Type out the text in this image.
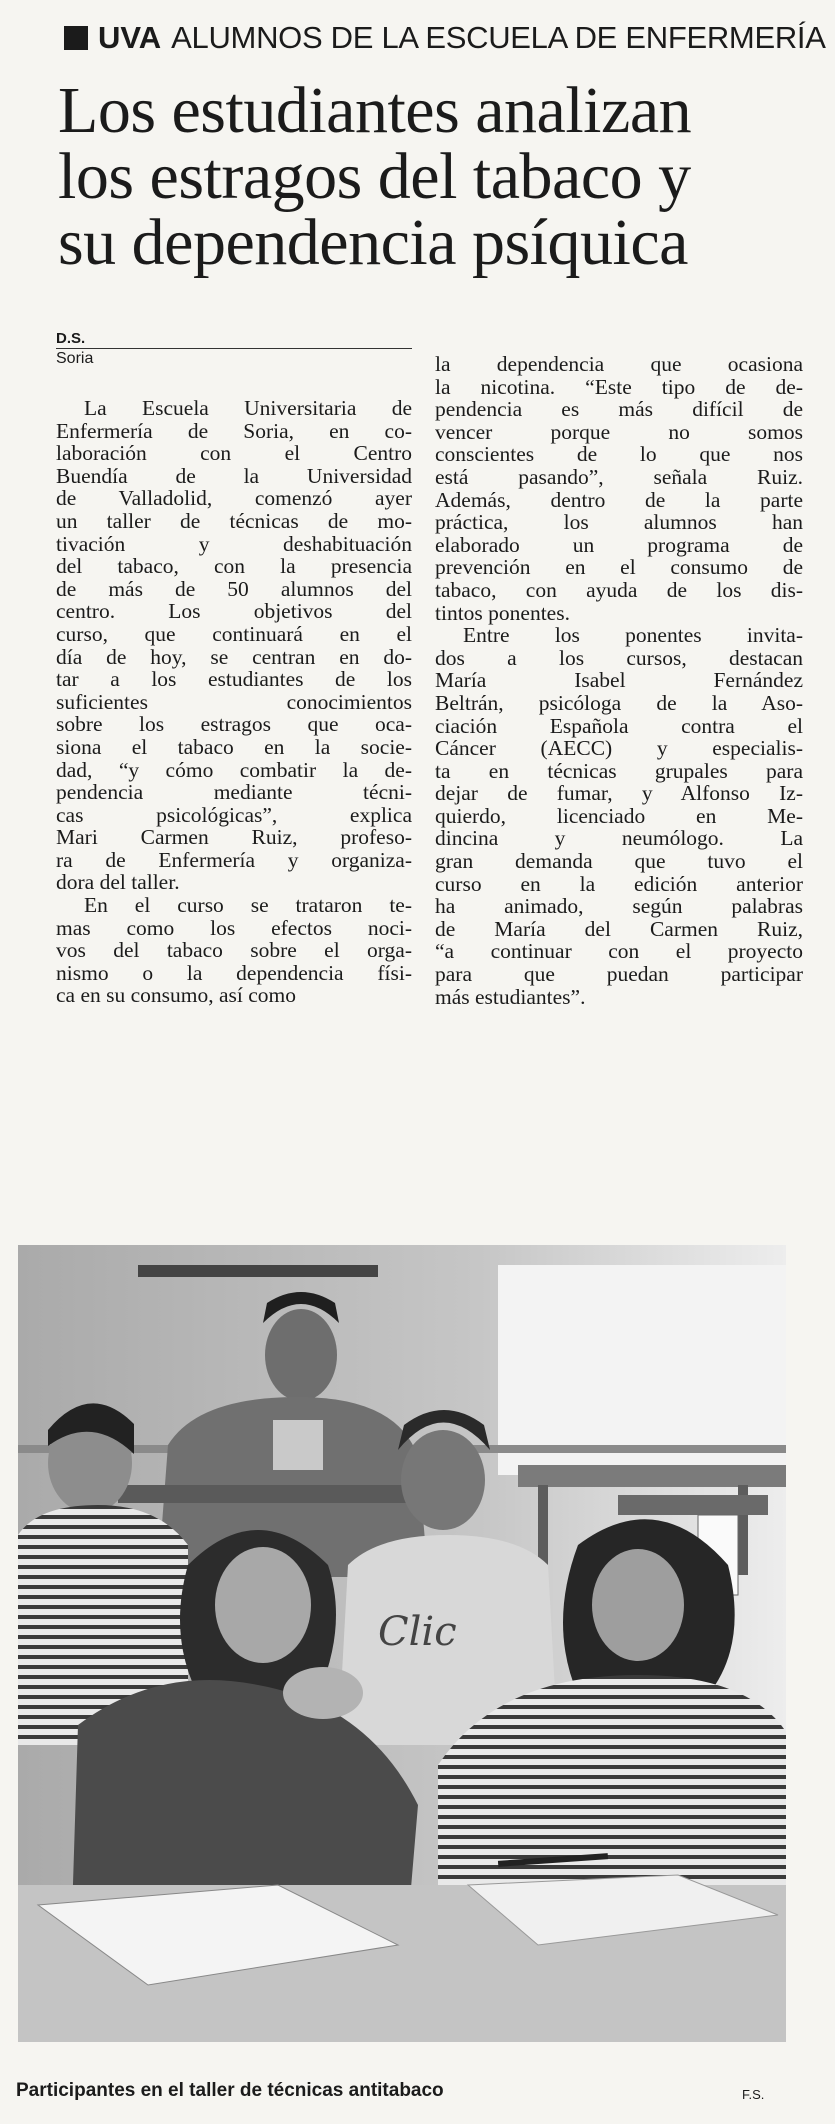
UVA ALUMNOS DE LA ESCUELA DE ENFERMERÍA
Los estudiantes analizan
los estragos del tabaco y
su dependencia psíquica
D.S.
Soria
La Escuela Universitaria de
Enfermería de Soria, en co-
laboración con el Centro
Buendía de la Universidad
de Valladolid, comenzó ayer
un taller de técnicas de mo-
tivación y deshabituación
del tabaco, con la presencia
de más de 50 alumnos del
centro. Los objetivos del
curso, que continuará en el
día de hoy, se centran en do-
tar a los estudiantes de los
suficientes conocimientos
sobre los estragos que oca-
siona el tabaco en la socie-
dad, “y cómo combatir la de-
pendencia mediante técni-
cas psicológicas”, explica
Mari Carmen Ruiz, profeso-
ra de Enfermería y organiza-
dora del taller.
En el curso se trataron te-
mas como los efectos noci-
vos del tabaco sobre el orga-
nismo o la dependencia físi-
ca en su consumo, así como
la dependencia que ocasiona
la nicotina. “Este tipo de de-
pendencia es más difícil de
vencer porque no somos
conscientes de lo que nos
está pasando”, señala Ruiz.
Además, dentro de la parte
práctica, los alumnos han
elaborado un programa de
prevención en el consumo de
tabaco, con ayuda de los dis-
tintos ponentes.
Entre los ponentes invita-
dos a los cursos, destacan
María Isabel Fernández
Beltrán, psicóloga de la Aso-
ciación Española contra el
Cáncer (AECC) y especialis-
ta en técnicas grupales para
dejar de fumar, y Alfonso Iz-
quierdo, licenciado en Me-
dincina y neumólogo. La
gran demanda que tuvo el
curso en la edición anterior
ha animado, según palabras
de María del Carmen Ruiz,
“a continuar con el proyecto
para que puedan participar
más estudiantes”.
Clic
Participantes en el taller de técnicas antitabaco	F.S.
